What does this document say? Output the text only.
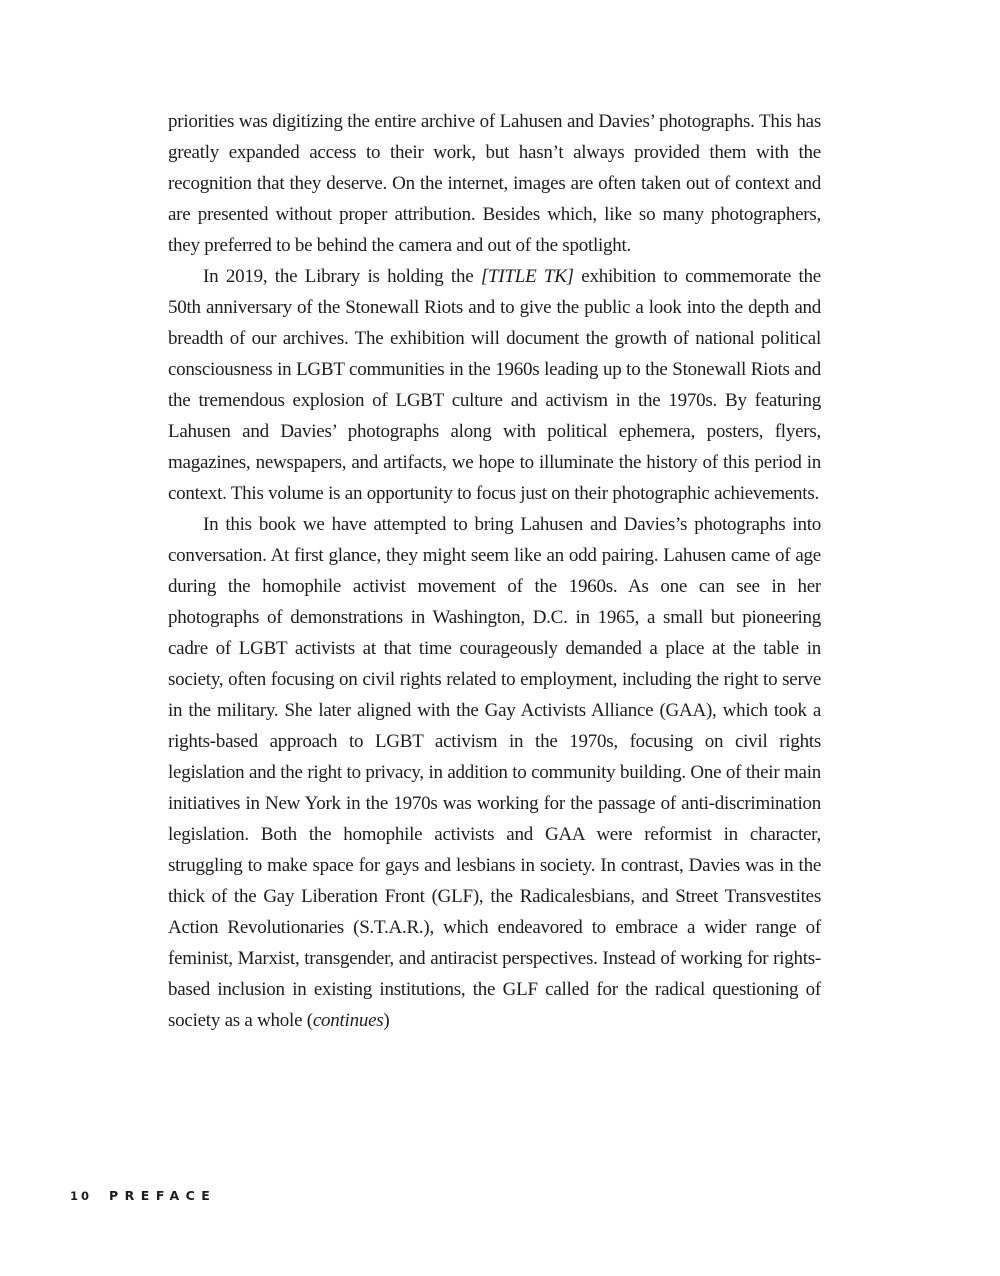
priorities was digitizing the entire archive of Lahusen and Davies’ photographs. This has greatly expanded access to their work, but hasn’t always provided them with the recognition that they deserve. On the internet, images are often taken out of context and are presented without proper attribution. Besides which, like so many photographers, they preferred to be behind the camera and out of the spotlight.

In 2019, the Library is holding the [TITLE TK] exhibition to commemorate the 50th anniversary of the Stonewall Riots and to give the public a look into the depth and breadth of our archives. The exhibition will document the growth of national political consciousness in LGBT communities in the 1960s leading up to the Stonewall Riots and the tremendous explosion of LGBT culture and activism in the 1970s. By featuring Lahusen and Davies’ photographs along with political ephemera, posters, flyers, magazines, newspapers, and artifacts, we hope to illuminate the history of this period in context. This volume is an opportunity to focus just on their photographic achievements.

In this book we have attempted to bring Lahusen and Davies’s photographs into conversation. At first glance, they might seem like an odd pairing. Lahusen came of age during the homophile activist movement of the 1960s. As one can see in her photographs of demonstrations in Washington, D.C. in 1965, a small but pioneering cadre of LGBT activists at that time courageously demanded a place at the table in society, often focusing on civil rights related to employment, including the right to serve in the military. She later aligned with the Gay Activists Alliance (GAA), which took a rights-based approach to LGBT activism in the 1970s, focusing on civil rights legislation and the right to privacy, in addition to community building. One of their main initiatives in New York in the 1970s was working for the passage of anti-discrimination legislation. Both the homophile activists and GAA were reformist in character, struggling to make space for gays and lesbians in society. In contrast, Davies was in the thick of the Gay Liberation Front (GLF), the Radicalesbians, and Street Transvestites Action Revolutionaries (S.T.A.R.), which endeavored to embrace a wider range of feminist, Marxist, transgender, and antiracist perspectives. Instead of working for rights-based inclusion in existing institutions, the GLF called for the radical questioning of society as a whole (continues)

10 PREFACE
